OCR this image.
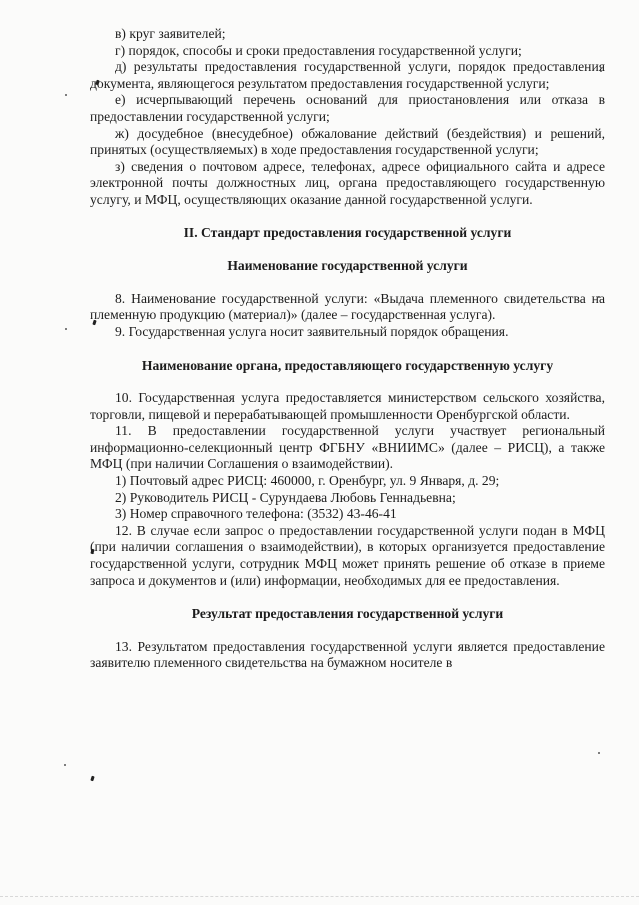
в) круг заявителей;

г) порядок, способы и сроки предоставления государственной услуги;

д) результаты предоставления государственной услуги, порядок предоставления документа, являющегося результатом предоставления государственной услуги;

е) исчерпывающий перечень оснований для приостановления или отказа в предоставлении государственной услуги;

ж) досудебное (внесудебное) обжалование действий (бездействия) и решений, принятых (осуществляемых) в ходе предоставления государственной услуги;

з) сведения о почтовом адресе, телефонах, адресе официального сайта и адресе электронной почты должностных лиц, органа предоставляющего государственную услугу, и МФЦ, осуществляющих оказание данной государственной услуги.

II. Стандарт предоставления государственной услуги

Наименование государственной услуги

8. Наименование государственной услуги: «Выдача племенного свидетельства на племенную продукцию (материал)» (далее – государственная услуга).

9. Государственная услуга носит заявительный порядок обращения.

Наименование органа, предоставляющего государственную услугу

10. Государственная услуга предоставляется министерством сельского хозяйства, торговли, пищевой и перерабатывающей промышленности Оренбургской области.

11. В предоставлении государственной услуги участвует региональный информационно-селекционный центр ФГБНУ «ВНИИМС» (далее – РИСЦ), а также МФЦ (при наличии Соглашения о взаимодействии).

1) Почтовый адрес РИСЦ: 460000, г. Оренбург, ул. 9 Января, д. 29;

2) Руководитель РИСЦ - Сурундаева Любовь Геннадьевна;

3) Номер справочного телефона: (3532) 43-46-41

12. В случае если запрос о предоставлении государственной услуги подан в МФЦ (при наличии соглашения о взаимодействии), в которых организуется предоставление государственной услуги, сотрудник МФЦ может принять решение об отказе в приеме запроса и документов и (или) информации, необходимых для ее предоставления.

Результат предоставления государственной услуги

13. Результатом предоставления государственной услуги является предоставление заявителю племенного свидетельства на бумажном носителе в
